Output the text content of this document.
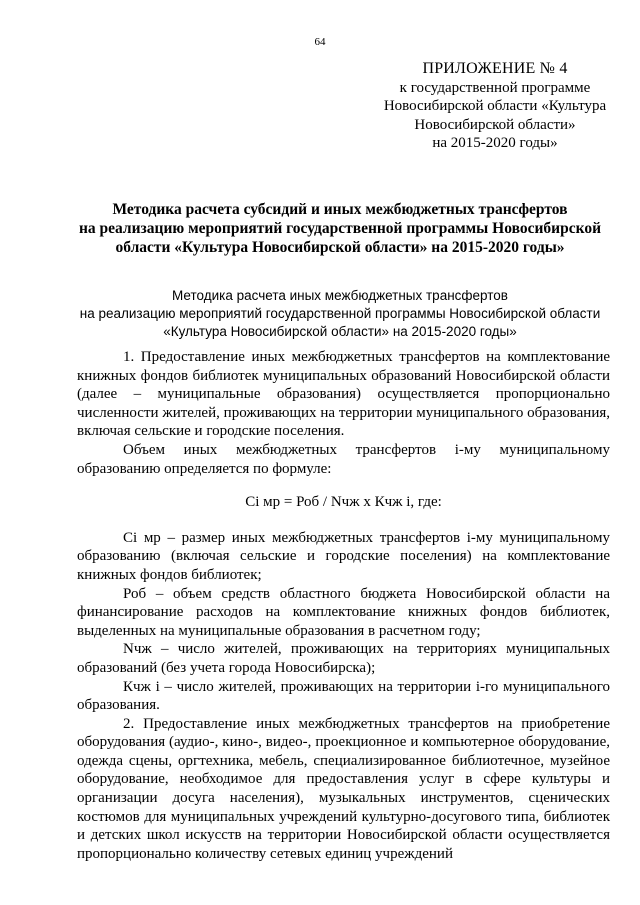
64
ПРИЛОЖЕНИЕ № 4
к государственной программе
Новосибирской области «Культура
Новосибирской области»
на 2015-2020 годы»
Методика расчета субсидий и иных межбюджетных трансфертов
на реализацию мероприятий государственной программы Новосибирской
области «Культура Новосибирской области» на 2015-2020 годы»
Методика расчета иных межбюджетных трансфертов
на реализацию мероприятий государственной программы Новосибирской области
«Культура Новосибирской области» на 2015-2020 годы»

1. Предоставление иных межбюджетных трансфертов на комплектование книжных фондов библиотек муниципальных образований Новосибирской области (далее – муниципальные образования) осуществляется пропорционально численности жителей, проживающих на территории муниципального образования, включая сельские и городские поселения.

Объем иных межбюджетных трансфертов i-му муниципальному образованию определяется по формуле:

Ci мр = Роб / Nчж x Кчж i, где:

Ci мр – размер иных межбюджетных трансфертов i-му муниципальному образованию (включая сельские и городские поселения) на комплектование книжных фондов библиотек;

Роб – объем средств областного бюджета Новосибирской области на финансирование расходов на комплектование книжных фондов библиотек, выделенных на муниципальные образования в расчетном году;

Nчж – число жителей, проживающих на территориях муниципальных образований (без учета города Новосибирска);

Кчж i – число жителей, проживающих на территории i-го муниципального образования.

2. Предоставление иных межбюджетных трансфертов на приобретение оборудования (аудио-, кино-, видео-, проекционное и компьютерное оборудование, одежда сцены, оргтехника, мебель, специализированное библиотечное, музейное оборудование, необходимое для предоставления услуг в сфере культуры и организации досуга населения), музыкальных инструментов, сценических костюмов для муниципальных учреждений культурно-досугового типа, библиотек и детских школ искусств на территории Новосибирской области осуществляется пропорционально количеству сетевых единиц учреждений
